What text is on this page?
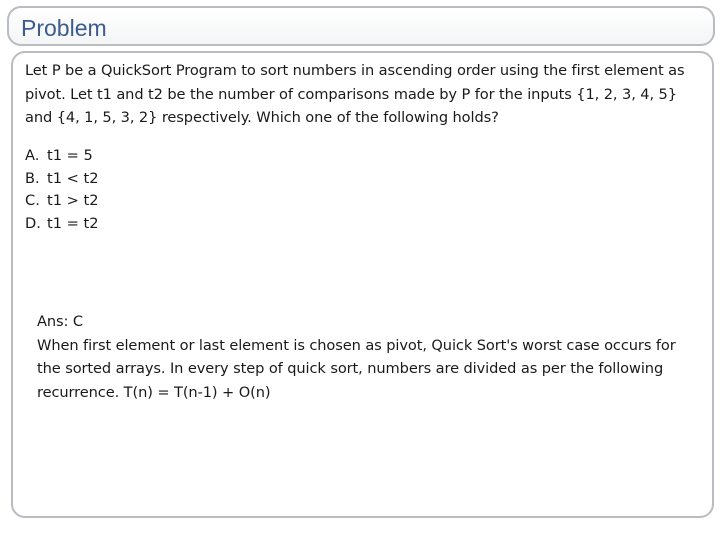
Problem
Let P be a QuickSort Program to sort numbers in ascending order using the first element as pivot. Let t1 and t2 be the number of comparisons made by P for the inputs {1, 2, 3, 4, 5} and {4, 1, 5, 3, 2} respectively. Which one of the following holds?
A. t1 = 5
B. t1 < t2
C. t1 > t2
D. t1 = t2
Ans: C
When first element or last element is chosen as pivot, Quick Sort's worst case occurs for the sorted arrays. In every step of quick sort, numbers are divided as per the following recurrence. T(n) = T(n-1) + O(n)
